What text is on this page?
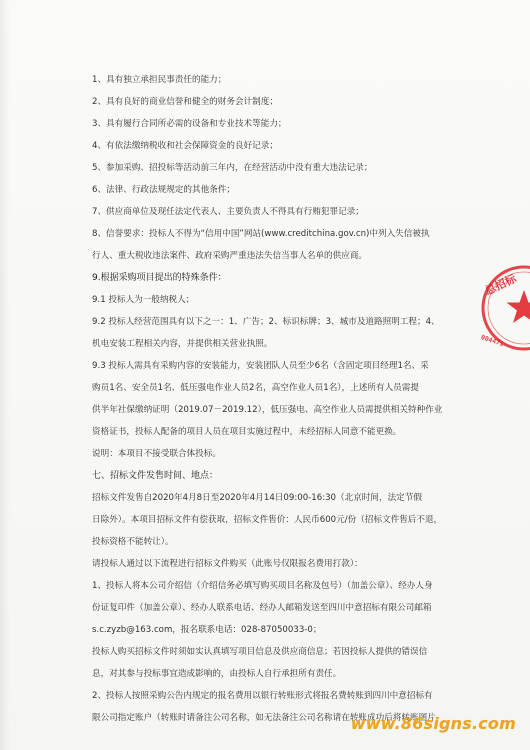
1、具有独立承担民事责任的能力；
2、具有良好的商业信誉和健全的财务会计制度；
3、具有履行合同所必需的设备和专业技术等能力；
4、有依法缴纳税收和社会保障资金的良好记录；
5、参加采购、招投标等活动前三年内，在经营活动中没有重大违法记录；
6、法律、行政法规规定的其他条件；
7、供应商单位及现任法定代表人、主要负责人不得具有行贿犯罪记录；
8、信誉要求：投标人不得为“信用中国”网站(www.creditchina.gov.cn)中列入失信被执
行人、重大税收违法案件、政府采购严重违法失信当事人名单的供应商。
9.根据采购项目提出的特殊条件：
9.1 投标人为一般纳税人；
9.2 投标人经营范围具有以下之一：1、广告；2、标识标牌；3、城市及道路照明工程；4、
机电安装工程相关内容，并提供相关营业执照。
9.3 投标人需具有采购内容的安装能力，安装团队人员至少6名（含固定项目经理1名、采
购员1名、安全员1名、低压强电作业人员2名，高空作业人员1名），上述所有人员需提
供半年社保缴纳证明（2019.07－2019.12），低压强电、高空作业人员需提供相关特种作业
资格证书，投标人配备的项目人员在项目实施过程中，未经招标人同意不能更换。
说明：本项目不接受联合体投标。
七、招标文件发售时间、地点：
招标文件发售自2020年4月8日至2020年4月14日09:00-16:30（北京时间，法定节假
日除外）。本项目招标文件有偿获取，招标文件售价：人民币600元/份（招标文件售后不退，
投标资格不能转让）。
请投标人通过以下流程进行招标文件购买（此账号仅限报名费用打款）：
1、投标人将本公司介绍信（介绍信务必填写购买项目名称及包号）（加盖公章）、经办人身
份证复印件（加盖公章）、经办人联系电话、经办人邮箱发送至四川中意招标有限公司邮箱
s.c.zyzb@163.com，报名联系电话：028-87050033-0；
投标人购买招标文件时须如实认真填写项目信息及供应商信息；若因投标人提供的错误信
息，对其参与投标事宜造成影响的，由投标人自行承担所有责任。
2、投标人按照采购公告内规定的报名费用以银行转账形式将报名费转账到四川中意招标有
限公司指定账户（转账时请备注公司名称，如无法备注公司名称请在转账成功后将转账图片
总招标
004471
www.86signs.com
